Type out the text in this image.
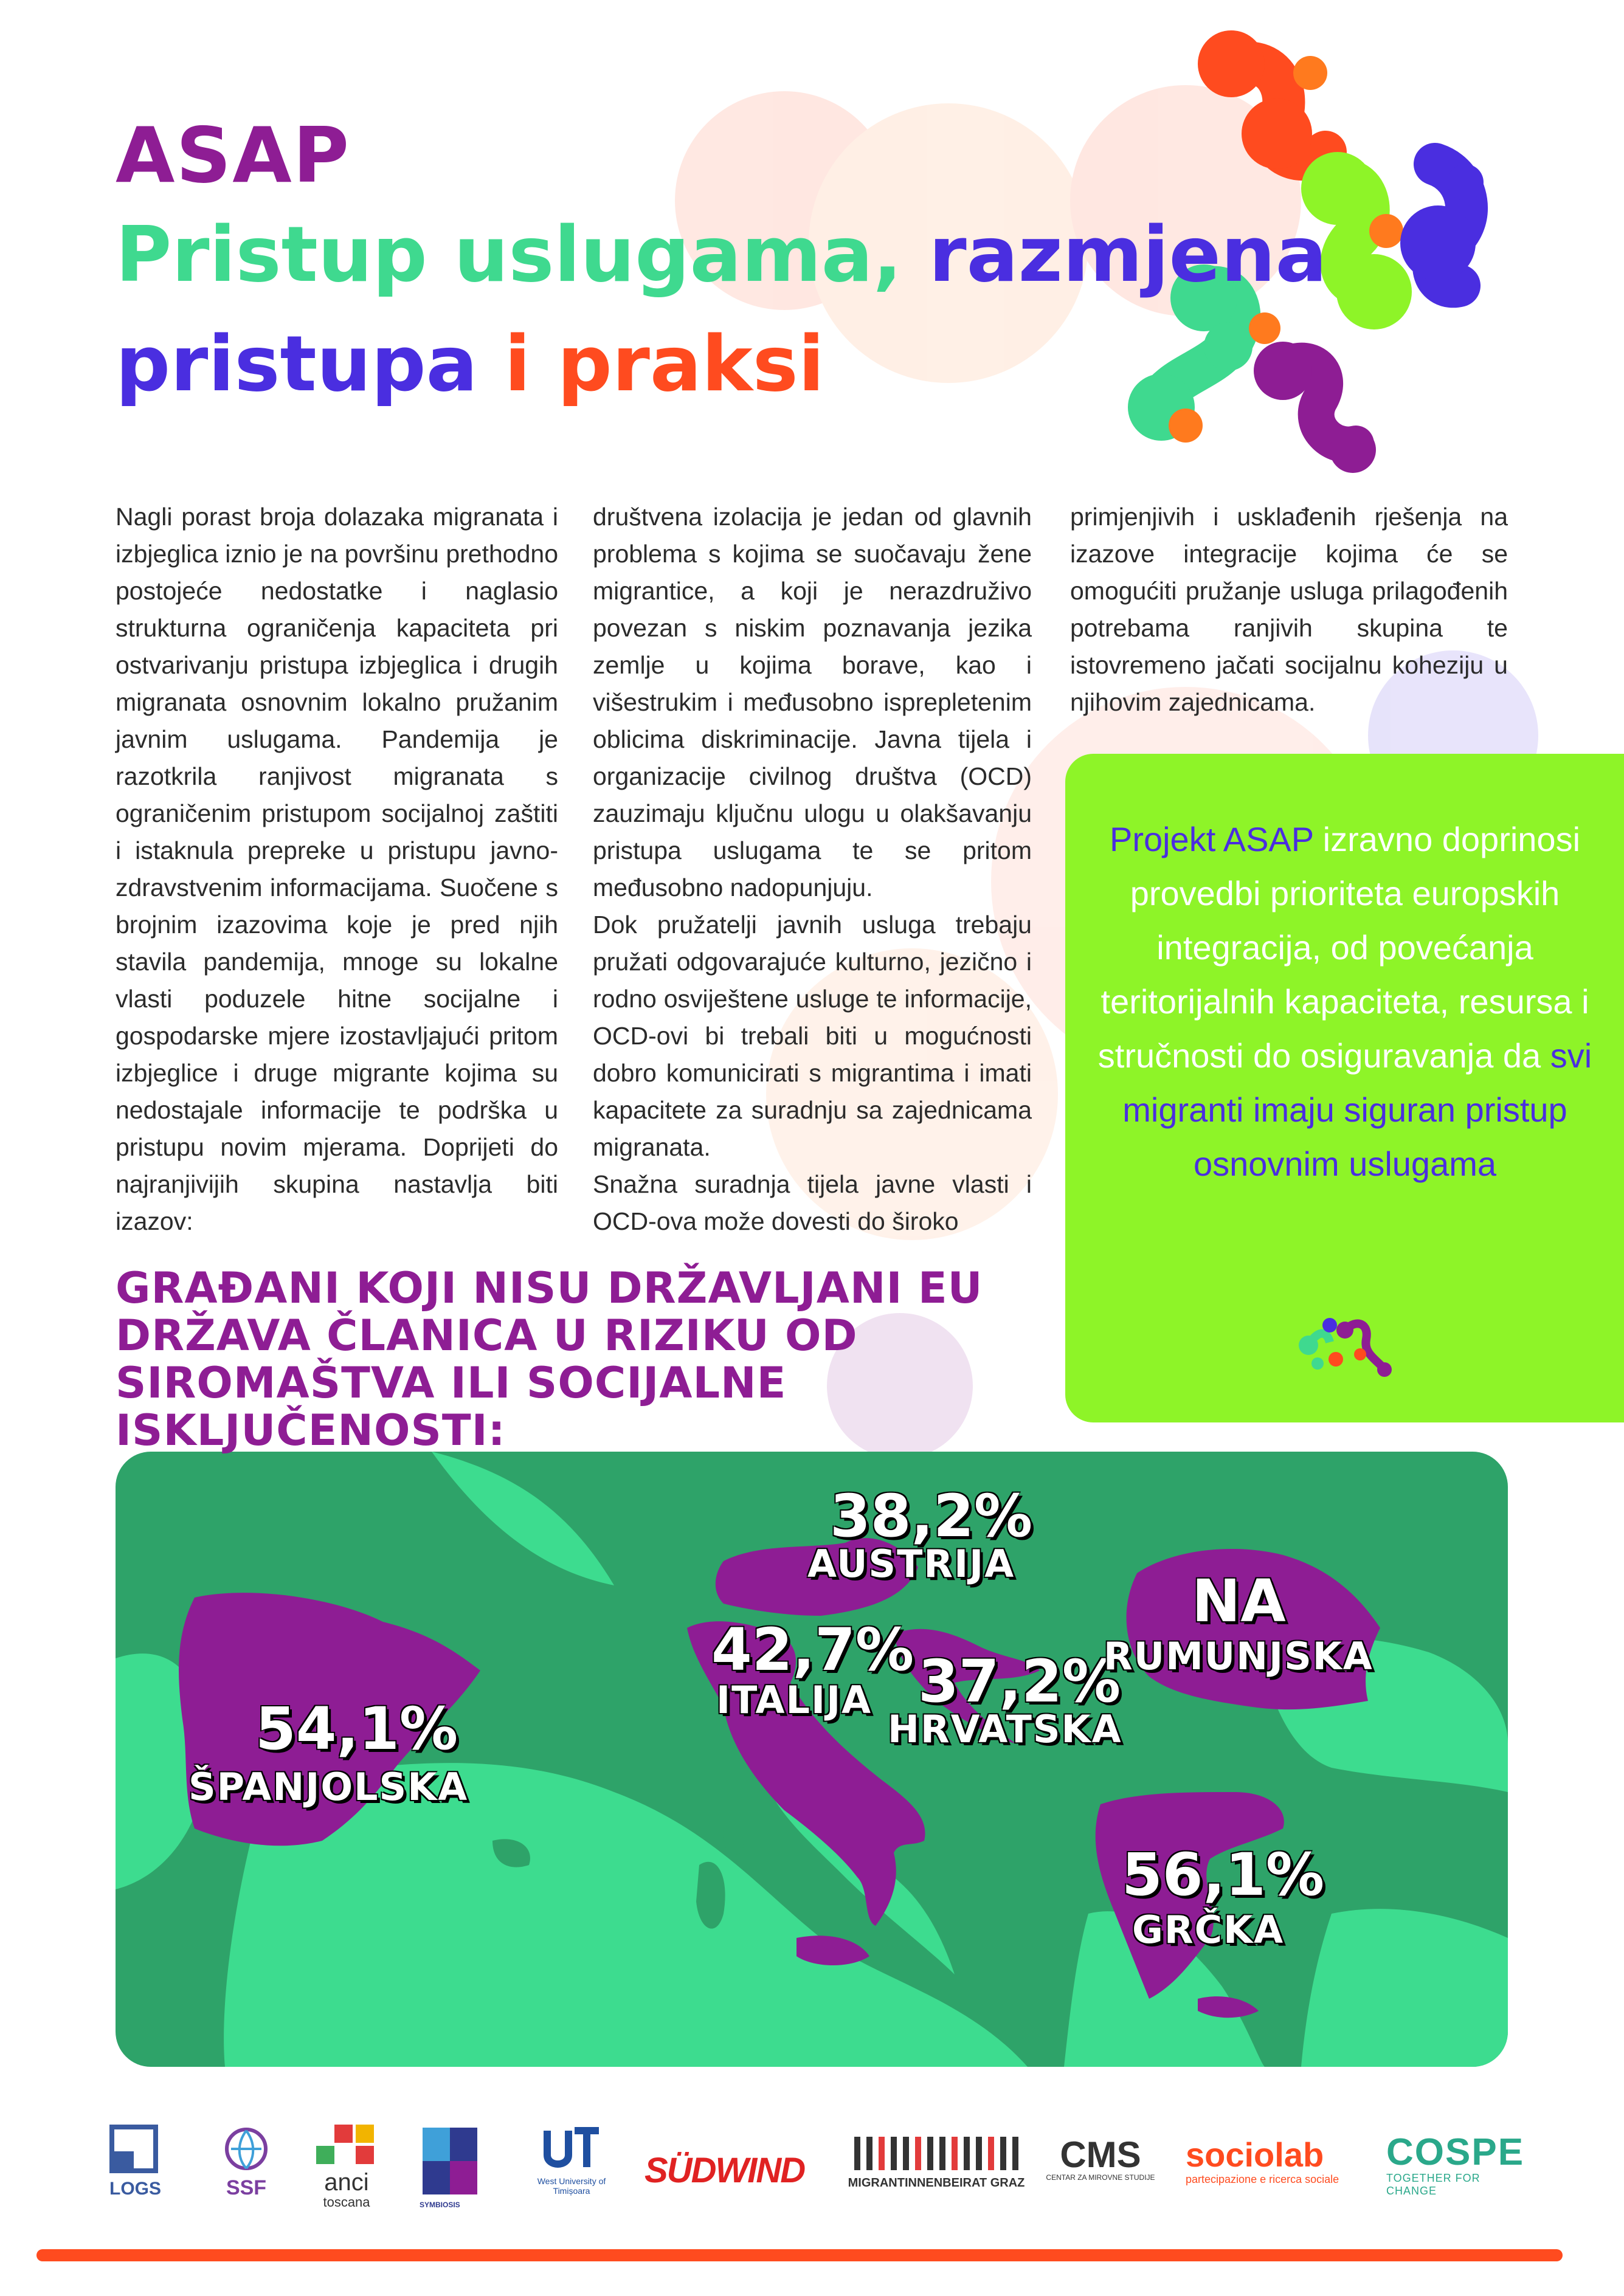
ASAP
Pristup uslugama, razmjena
pristupa i praksi

Nagli porast broja dolazaka migranata i izbjeglica iznio je na površinu prethodno postojeće nedostatke i naglasio strukturna ograničenja kapaciteta pri ostvarivanju pristupa izbjeglica i drugih migranata osnovnim lokalno pružanim javnim uslugama. Pandemija je razotkrila ranjivost migranata s ograničenim pristupom socijalnoj zaštiti i istaknula prepreke u pristupu javno-zdravstvenim informacijama. Suočene s brojnim izazovima koje je pred njih stavila pandemija, mnoge su lokalne vlasti poduzele hitne socijalne i gospodarske mjere izostavljajući pritom izbjeglice i druge migrante kojima su nedostajale informacije te podrška u pristupu novim mjerama. Doprijeti do najranjivijih skupina nastavlja biti izazov:

društvena izolacija je jedan od glavnih problema s kojima se suočavaju žene migrantice, a koji je nerazdruživo povezan s niskim poznavanja jezika zemlje u kojima borave, kao i višestrukim i međusobno isprepletenim oblicima diskriminacije. Javna tijela i organizacije civilnog društva (OCD) zauzimaju ključnu ulogu u olakšavanju pristupa uslugama te se pritom međusobno nadopunjuju.

Dok pružatelji javnih usluga trebaju pružati odgovarajuće kulturno, jezično i rodno osviještene usluge te informacije, OCD-ovi bi trebali biti u mogućnosti dobro komunicirati s migrantima i imati kapacitete za suradnju sa zajednicama migranata.

Snažna suradnja tijela javne vlasti i OCD-ova može dovesti do široko

primjenjivih i usklađenih rješenja na izazove integracije kojima će se omogućiti pružanje usluga prilagođenih potrebama ranjivih skupina te istovremeno jačati socijalnu koheziju u njihovim zajednicama.

Projekt ASAP izravno doprinosi provedbi prioriteta europskih integracija, od povećanja teritorijalnih kapaciteta, resursa i stručnosti do osiguravanja da svi migranti imaju siguran pristup osnovnim uslugama
GRAĐANI KOJI NISU DRŽAVLJANI EU DRŽAVA ČLANICA U RIZIKU OD SIROMAŠTVA ILI SOCIJALNE ISKLJUČENOSTI:
38,2%
AUSTRIJA
42,7%
ITALIJA 37,2%
HRVATSKA
NA
RUMUNJSKA
54,1%
ŠPANJOLSKA
56,1%
GRČKA
LOGS	SSF	anci
toscana	SYMBIOSIS
West University of Timișoara
SÜDWIND	MIGRANTINNENBEIRAT GRAZ
CMS
CENTAR ZA MIROVNE STUDIJE
sociolab
partecipazione e ricerca sociale
COSPE
TOGETHER FOR CHANGE
